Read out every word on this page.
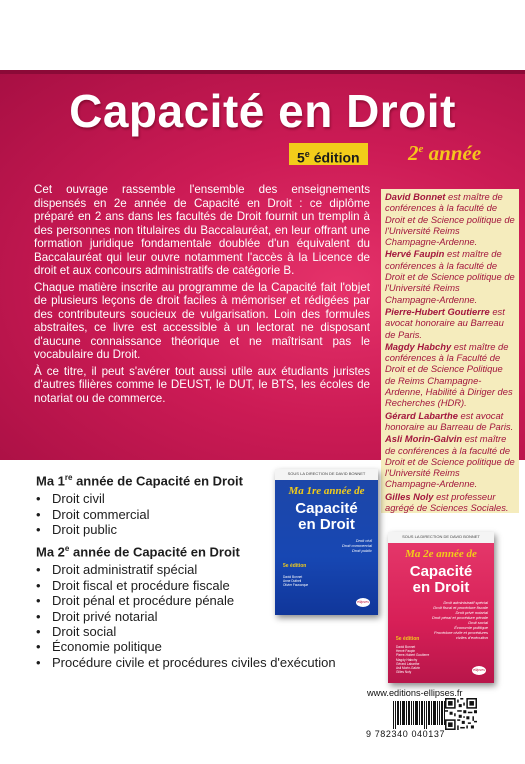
Capacité en Droit
5e édition	2e année

Cet ouvrage rassemble l'ensemble des enseignements dispensés en 2e année de Capacité en Droit : ce diplôme préparé en 2 ans dans les facultés de Droit fournit un tremplin à des personnes non titulaires du Baccalauréat, en leur offrant une formation juridique fondamentale doublée d'un équivalent du Baccalauréat qui leur ouvre notamment l'accès à la Licence de droit et aux concours administratifs de catégorie B.

Chaque matière inscrite au programme de la Capacité fait l'objet de plusieurs leçons de droit faciles à mémoriser et rédigées par des contributeurs soucieux de vulgarisation. Loin des formules abstraites, ce livre est accessible à un lectorat ne disposant d'aucune connaissance théorique et ne maîtrisant pas le vocabulaire du Droit.

À ce titre, il peut s'avérer tout aussi utile aux étudiants juristes d'autres filières comme le DEUST, le DUT, le BTS, les écoles de notariat ou de commerce.

David Bonnet est maître de conférences à la faculté de Droit et de Science politique de l'Université Reims Champagne-Ardenne.
Hervé Faupin est maître de conférences à la faculté de Droit et de Science politique de l'Université Reims Champagne-Ardenne.
Pierre-Hubert Goutierre est avocat honoraire au Barreau de Paris.
Magdy Habchy est maître de conférences à la Faculté de Droit et de Science Politique de Reims Champagne-Ardenne, Habilité à Diriger des Recherches (HDR).
Gérard Labarthe est avocat honoraire au Barreau de Paris.
Asli Morin-Galvin est maître de conférences à la faculté de Droit et de Science politique de l'Université Reims Champagne-Ardenne.
Gilles Noly est professeur agrégé de Sciences Sociales.
Ma 1re année de Capacité en Droit
• Droit civil
• Droit commercial
• Droit public
Ma 2e année de Capacité en Droit
• Droit administratif spécial
• Droit fiscal et procédure fiscale
• Droit pénal et procédure pénale
• Droit privé notarial
• Droit social
• Économie politique
• Procédure civile et procédures civiles d'exécution
SOUS LA DIRECTION DE DAVID BONNET
Ma 1re année de
Capacité
en Droit
Droit civil
Droit commercial
Droit public
5e édition
David Bonnet
Anne Dutheil
Olivier Fauvarque
ellipses
SOUS LA DIRECTION DE DAVID BONNET
Ma 2e année de
Capacité
en Droit
Droit administratif spécial
Droit fiscal et procédure fiscale
Droit privé notarial
Droit pénal et procédure pénale
Droit social
Économie politique
Procédure civile et procédures
civiles d'exécution
5e édition
David Bonnet
Hervé Faupin
Pierre-Hubert Goutierre
Magdy Habchy
Gérard Labarthe
Asli Morin-Galvin
Gilles Noly
ellipses
www.editions-ellipses.fr
9 782340 040137
